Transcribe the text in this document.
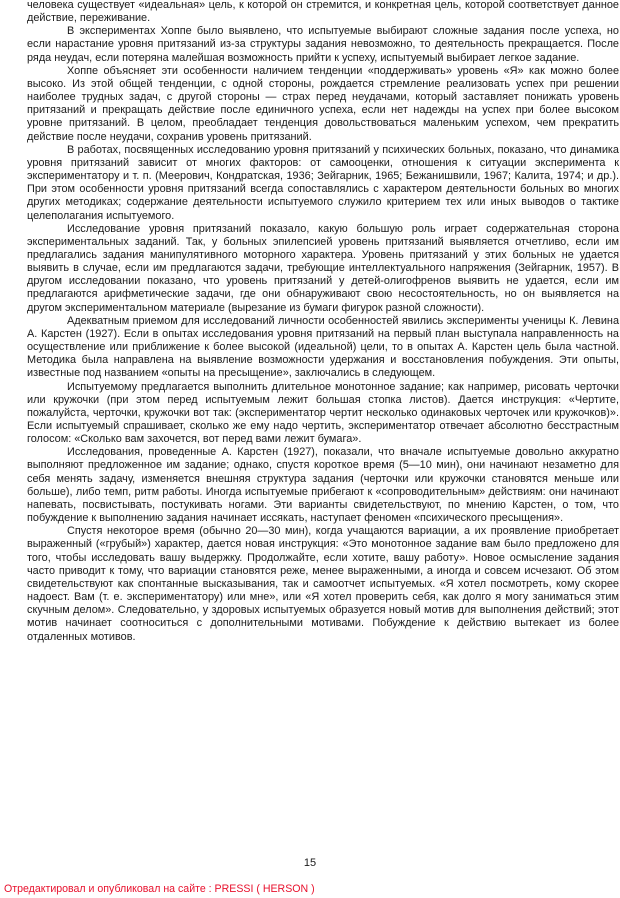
человека существует «идеальная» цель, к которой он стремится, и конкретная цель, которой соответствует данное действие, переживание.

В экспериментах Хоппе было выявлено, что испытуемые выбирают сложные задания после успеха, но если нарастание уровня притязаний из-за структуры задания невозможно, то деятельность прекращается. После ряда неудач, если потеряна малейшая возможность прийти к успеху, испытуемый выбирает легкое задание.

Хоппе объясняет эти особенности наличием тенденции «поддерживать» уровень «Я» как можно более высоко. Из этой общей тенденции, с одной стороны, рождается стремление реализовать успех при решении наиболее трудных задач, с другой стороны — страх перед неудачами, который заставляет понижать уровень притязаний и прекращать действие после единичного успеха, если нет надежды на успех при более высоком уровне притязаний. В целом, преобладает тенденция довольствоваться маленьким успехом, чем прекратить действие после неудачи, сохранив уровень притязаний.

В работах, посвященных исследованию уровня притязаний у психических больных, показано, что динамика уровня притязаний зависит от многих факторов: от самооценки, отношения к ситуации эксперимента к экспериментатору и т. п. (Меерович, Кондратская, 1936; Зейгарник, 1965; Бежанишвили, 1967; Калита, 1974; и др.). При этом особенности уровня притязаний всегда сопоставлялись с характером деятельности больных во многих других методиках; содержание деятельности испытуемого служило критерием тех или иных выводов о тактике целеполагания испытуемого.

Исследование уровня притязаний показало, какую большую роль играет содержательная сторона экспериментальных заданий. Так, у больных эпилепсией уровень притязаний выявляется отчетливо, если им предлагались задания манипулятивного моторного характера. Уровень притязаний у этих больных не удается выявить в случае, если им предлагаются задачи, требующие интеллектуального напряжения (Зейгарник, 1957). В другом исследовании показано, что уровень притязаний у детей-олигофренов выявить не удается, если им предлагаются арифметические задачи, где они обнаруживают свою несостоятельность, но он выявляется на другом экспериментальном материале (вырезание из бумаги фигурок разной сложности).

Адекватным приемом для исследований личности особенностей явились эксперименты ученицы К. Левина А. Карстен (1927). Если в опытах исследования уровня притязаний на первый план выступала направленность на осуществление или приближение к более высокой (идеальной) цели, то в опытах А. Карстен цель была частной. Методика была направлена на выявление возможности удержания и восстановления побуждения. Эти опыты, известные под названием «опыты на пресыщение», заключались в следующем.

Испытуемому предлагается выполнить длительное монотонное задание; как например, рисовать черточки или кружочки (при этом перед испытуемым лежит большая стопка листов). Дается инструкция: «Чертите, пожалуйста, черточки, кружочки вот так: (экспериментатор чертит несколько одинаковых черточек или кружочков)». Если испытуемый спрашивает, сколько же ему надо чертить, экспериментатор отвечает абсолютно бесстрастным голосом: «Сколько вам захочется, вот перед вами лежит бумага».

Исследования, проведенные А. Карстен (1927), показали, что вначале испытуемые довольно аккуратно выполняют предложенное им задание; однако, спустя короткое время (5—10 мин), они начинают незаметно для себя менять задачу, изменяется внешняя структура задания (черточки или кружочки становятся меньше или больше), либо темп, ритм работы. Иногда испытуемые прибегают к «сопроводительным» действиям: они начинают напевать, посвистывать, постукивать ногами. Эти варианты свидетельствуют, по мнению Карстен, о том, что побуждение к выполнению задания начинает иссякать, наступает феномен «психического пресыщения».

Спустя некоторое время (обычно 20—30 мин), когда учащаются вариации, а их проявление приобретает выраженный («грубый») характер, дается новая инструкция: «Это монотонное задание вам было предложено для того, чтобы исследовать вашу выдержку. Продолжайте, если хотите, вашу работу». Новое осмысление задания часто приводит к тому, что вариации становятся реже, менее выраженными, а иногда и совсем исчезают. Об этом свидетельствуют как спонтанные высказывания, так и самоотчет испытуемых. «Я хотел посмотреть, кому скорее надоест. Вам (т. е. экспериментатору) или мне», или «Я хотел проверить себя, как долго я могу заниматься этим скучным делом». Следовательно, у здоровых испытуемых образуется новый мотив для выполнения действий; этот мотив начинает соотноситься с дополнительными мотивами. Побуждение к действию вытекает из более отдаленных мотивов.

15
Отредактировал и опубликовал на сайте : PRESSI ( HERSON )
